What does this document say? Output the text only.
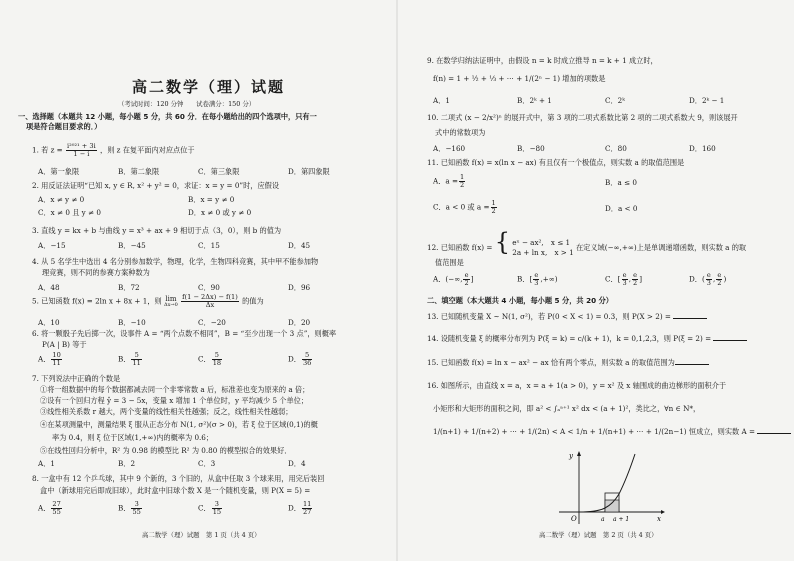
高二数学（理）试题
（考试时间：120 分钟　　试卷满分：150 分）
一、选择题（本题共 12 小题，每小题 5 分，共 60 分．在每小题给出的四个选项中，只有一
项是符合题目要求的．）
1. 若 $z = \frac{\text{i²⁰²¹ + 3i}}{1 - i}$ ，则 z 在复平面内对应点位于
A．第一象限	B．第二象限	C．第三象限	D．第四象限
2. 用反证法证明“已知 x, y ∈ R, x² + y² = 0，求证：x = y = 0”时，应假设
A．x ≠ y ≠ 0	B．x = y ≠ 0
C．x ≠ 0 且 y ≠ 0	D．x ≠ 0 或 y ≠ 0
3. 直线 y = kx + b 与曲线 y = x³ + ax + 9 相切于点（3，0），则 b 的值为
A．−15	B．−45	C．15	D．45
4. 从 5 名学生中选出 4 名分别参加数学，物理，化学，生物四科竞赛，其中甲不能参加物
理竞赛，则不同的参赛方案种数为
A．48	B．72	C．90	D．96
5. 已知函数 f(x) = 2ln x + 8x + 1，则 lim
Δx→0
$\frac{f(1 - 2\Delta x) - f(1)}{\Delta x}$ 的值为
A．10	B．−10	C．−20	D．20
6. 将一颗骰子先后掷一次，设事件 A = “两个点数不相同”，B = “至少出现一个 3 点”，则概率
P(A | B) 等于
A． $\frac{10}{11}$	B． $\frac{5}{11}$	C． $\frac{5}{18}$	D． $\frac{5}{36}$
7. 下列说法中正确的个数是
①将一组数据中的每个数据都减去同一个非零常数 a 后，标准差也变为原来的 a 倍；
②设有一个回归方程 ŷ = 3 − 5x，变量 x 增加 1 个单位时，y 平均减少 5 个单位；
③线性相关系数 r 越大，两个变量的线性相关性越强；反之，线性相关性越弱；
④在某项测量中，测量结果 ξ 服从正态分布 N(1, σ²)(σ > 0)，若 ξ 位于区域(0,1)的概
率为 0.4，则 ξ 位于区域(1,+∞)内的概率为 0.6；
⑤在线性回归分析中，R² 为 0.98 的模型比 R² 为 0.80 的模型拟合的效果好．
A．1	B．2	C．3	D．4
8. 一盒中有 12 个乒乓球，其中 9 个新的，3 个旧的，从盒中任取 3 个球来用，用完后装回
盒中（新球用完后即成旧球），此时盒中旧球个数 X 是一个随机变量，则 P(X = 5) =
A． $\frac{27}{55}$	B． $\frac{3}{55}$	C． $\frac{3}{15}$	D． $\frac{11}{27}$
高二数学（理）试题　第 1 页（共 4 页）
9. 在数学归纳法证明中，由假设 n = k 时成立推导 n = k + 1 成立时，
f(n) = 1 + ½ + ⅓ + ⋯ + 1/(2ⁿ − 1) 增加的项数是
A．1	B．2ᵏ + 1	C．2ᵏ	D．2ᵏ − 1
10. 二项式 (x − 2/x²)ⁿ 的展开式中，第 3 项的二项式系数比第 2 项的二项式系数大 9，则该展开
式中的常数项为
A．−160	B．−80	C．80	D．160
11. 已知函数 f(x) = x(ln x − ax) 有且仅有一个极值点，则实数 a 的取值范围是
A．$a = \frac{1}{2}$	B．a ≤ 0
C．a < 0 或 $a = \frac{1}{2}$	D．a < 0
12. 已知函数 f(x) = { eˣ − ax²,　x ≤ 1
2a + ln x,　x > 1
在定义域(−∞,+∞)上是单调递增函数，则实数 a 的取
值范围是
A．(−∞, $\frac{e}{2}$ ]	B．[ $\frac{e}{3}$ ,+∞)	C．[ $\frac{e}{3}$ , $\frac{e}{2}$ ]	D．( $\frac{e}{3}$ , $\frac{e}{2}$ )
二、填空题（本大题共 4 小题，每小题 5 分，共 20 分）
13. 已知随机变量 X ~ N(1, σ²)，若 P(0 < X < 1) = 0.3，则 P(X > 2) =
14. 设随机变量 ξ 的概率分布列为 P(ξ = k) = c/(k + 1)，k = 0,1,2,3，则 P(ξ = 2) =
15. 已知函数 f(x) = ln x − ax² − ax 恰有两个零点，则实数 a 的取值范围为
16. 如图所示，由直线 x = a，x = a + 1(a > 0)，y = x² 及 x 轴围成的曲边梯形的面积介于
小矩形和大矩形的面积之间，即 a² < ∫ₐᵃ⁺¹ x² dx < (a + 1)²，类比之，∀n ∈ N*，
1/(n+1) + 1/(n+2) + ⋯ + 1/(2n) < A < 1/n + 1/(n+1) + ⋯ + 1/(2n−1) 恒成立，则实数 A =
y
x
O	a a + 1
高二数学（理）试题　第 2 页（共 4 页）
